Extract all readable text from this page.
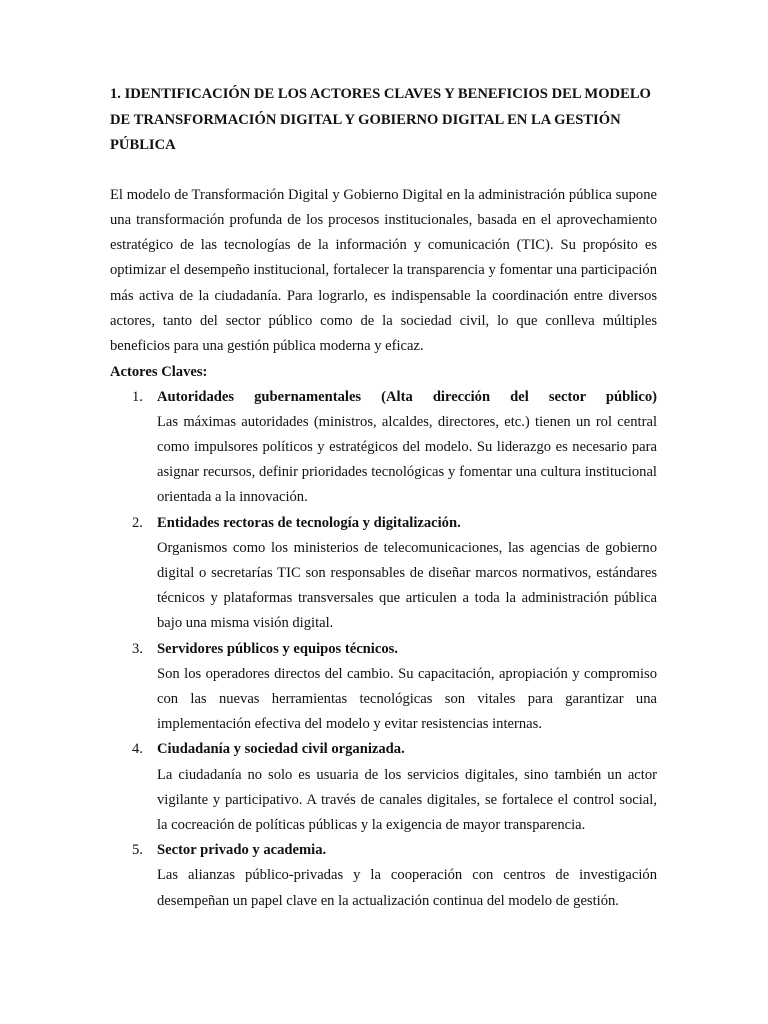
1. IDENTIFICACIÓN DE LOS ACTORES CLAVES Y BENEFICIOS DEL MODELO DE TRANSFORMACIÓN DIGITAL Y GOBIERNO DIGITAL EN LA GESTIÓN PÚBLICA

El modelo de Transformación Digital y Gobierno Digital en la administración pública supone una transformación profunda de los procesos institucionales, basada en el aprovechamiento estratégico de las tecnologías de la información y comunicación (TIC). Su propósito es optimizar el desempeño institucional, fortalecer la transparencia y fomentar una participación más activa de la ciudadanía. Para lograrlo, es indispensable la coordinación entre diversos actores, tanto del sector público como de la sociedad civil, lo que conlleva múltiples beneficios para una gestión pública moderna y eficaz.

Actores Claves:

1. Autoridades gubernamentales (Alta dirección del sector público)
Las máximas autoridades (ministros, alcaldes, directores, etc.) tienen un rol central como impulsores políticos y estratégicos del modelo. Su liderazgo es necesario para asignar recursos, definir prioridades tecnológicas y fomentar una cultura institucional orientada a la innovación.
2. Entidades rectoras de tecnología y digitalización.
Organismos como los ministerios de telecomunicaciones, las agencias de gobierno digital o secretarías TIC son responsables de diseñar marcos normativos, estándares técnicos y plataformas transversales que articulen a toda la administración pública bajo una misma visión digital.
3. Servidores públicos y equipos técnicos.
Son los operadores directos del cambio. Su capacitación, apropiación y compromiso con las nuevas herramientas tecnológicas son vitales para garantizar una implementación efectiva del modelo y evitar resistencias internas.
4. Ciudadanía y sociedad civil organizada.
La ciudadanía no solo es usuaria de los servicios digitales, sino también un actor vigilante y participativo. A través de canales digitales, se fortalece el control social, la cocreación de políticas públicas y la exigencia de mayor transparencia.
5. Sector privado y academia.
Las alianzas público-privadas y la cooperación con centros de investigación desempeñan un papel clave en la actualización continua del modelo de gestión.
